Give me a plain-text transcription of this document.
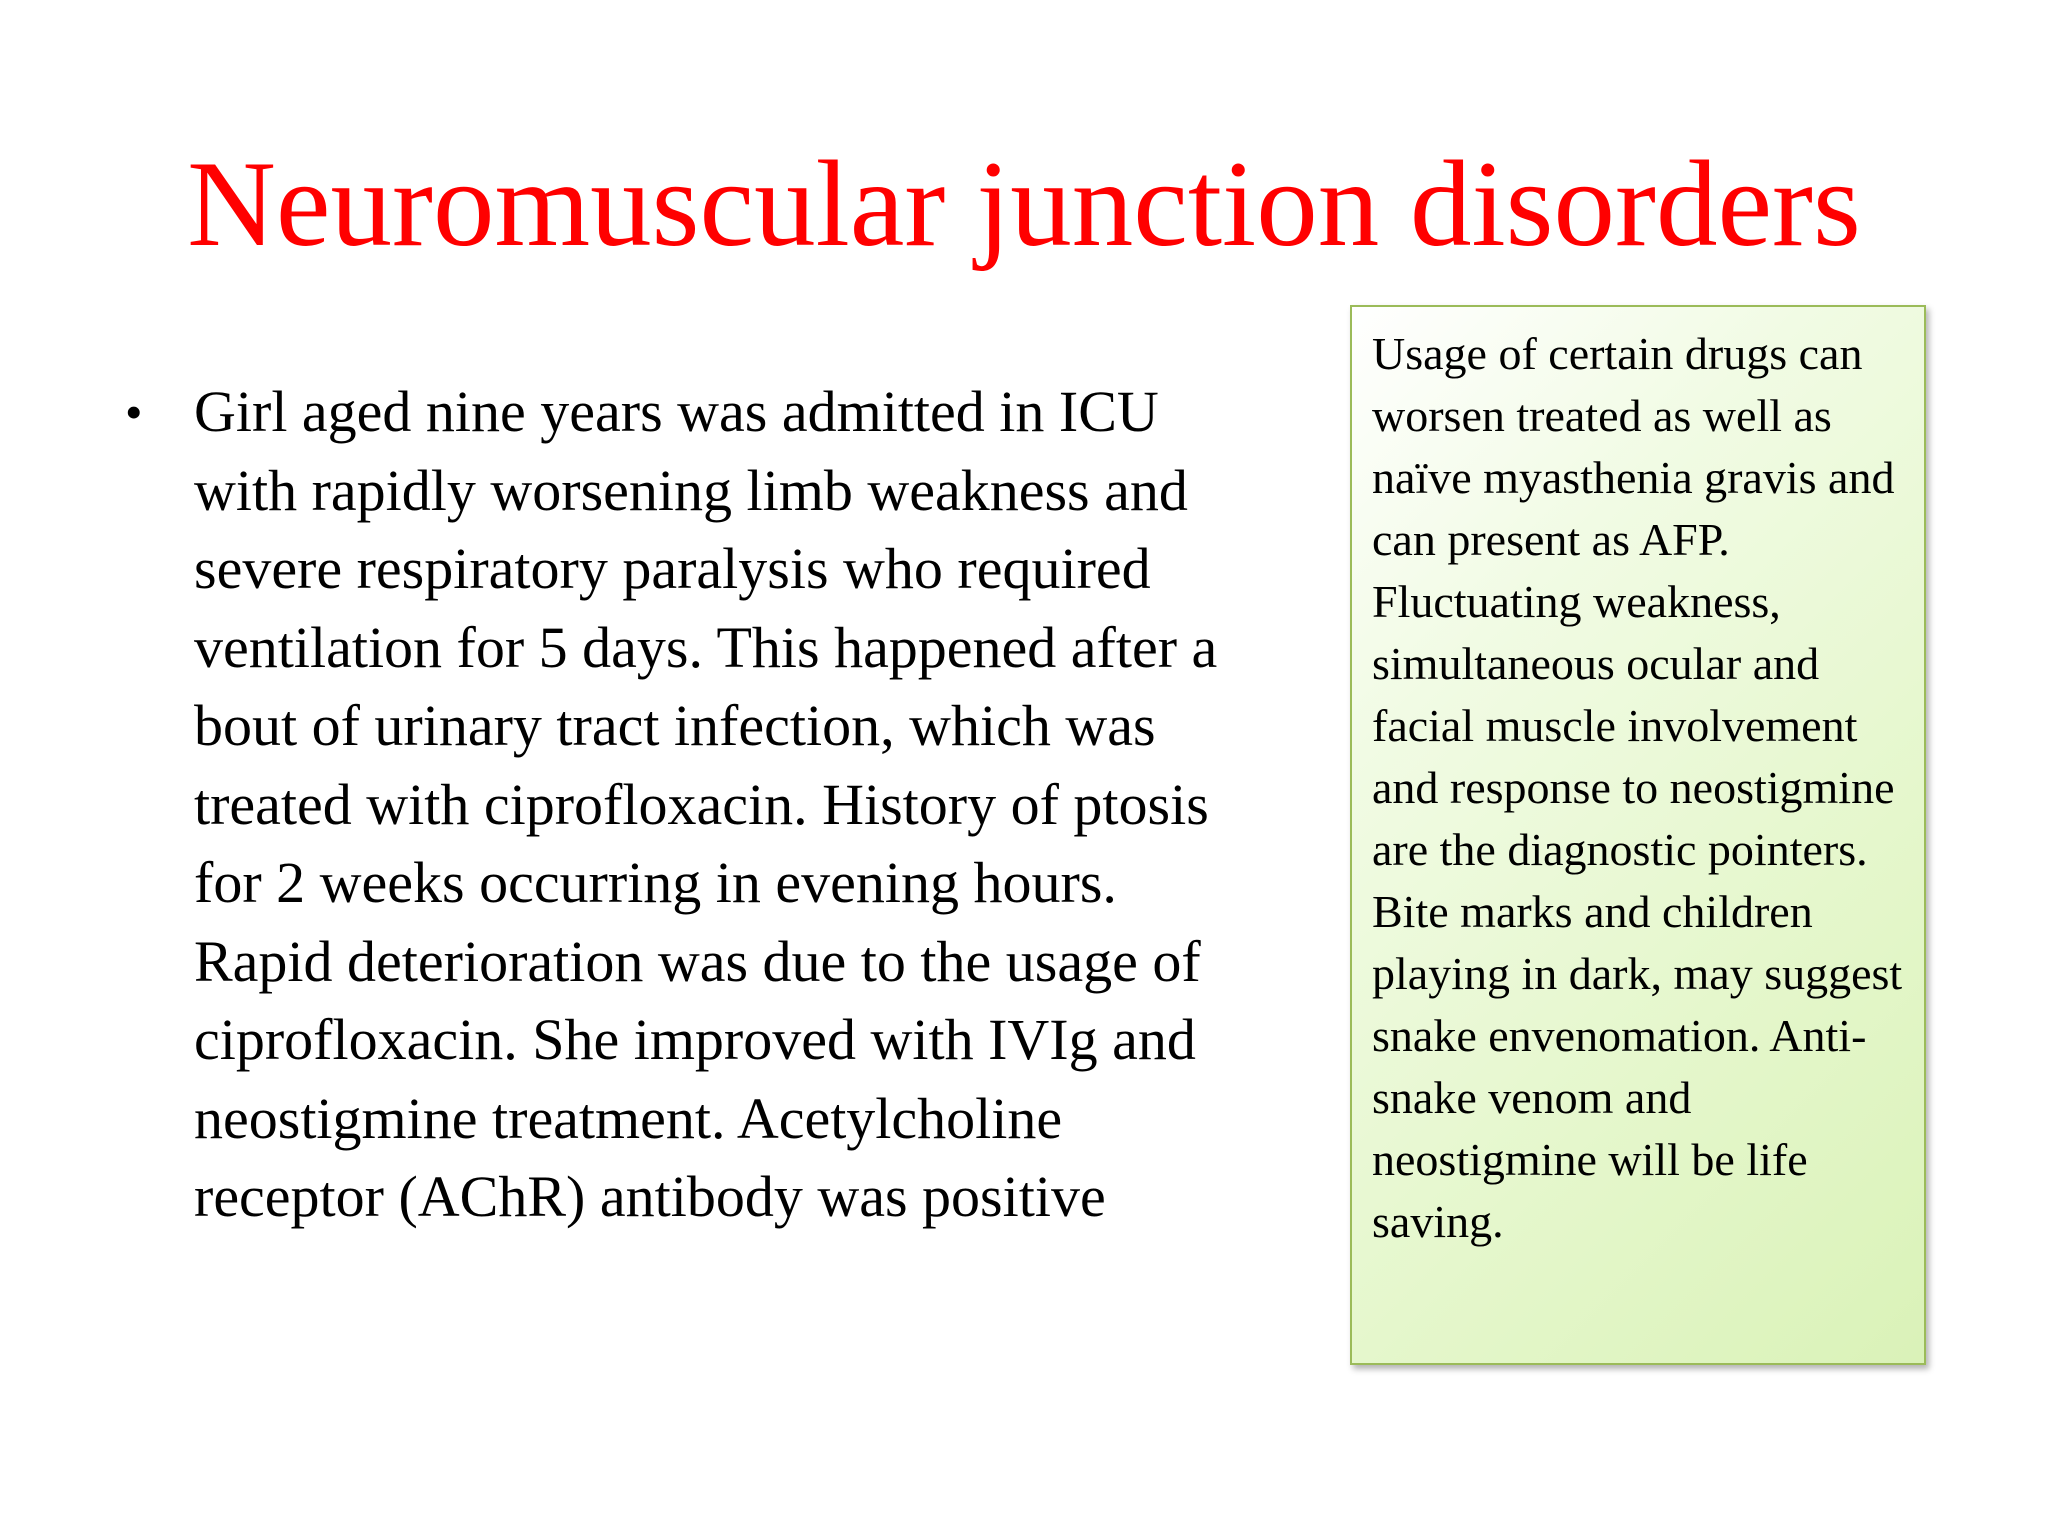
Neuromuscular junction disorders
• Girl aged nine years was admitted in ICU with rapidly worsening limb weakness and severe respiratory paralysis who required ventilation for 5 days. This happened after a bout of urinary tract infection, which was treated with ciprofloxacin. History of ptosis for 2 weeks occurring in evening hours. Rapid deterioration was due to the usage of ciprofloxacin. She improved with IVIg and neostigmine treatment. Acetylcholine receptor (AChR) antibody was positive
Usage of certain drugs can worsen treated as well as naïve myasthenia gravis and can present as AFP. Fluctuating weakness, simultaneous ocular and facial muscle involvement and response to neostigmine are the diagnostic pointers. Bite marks and children playing in dark, may suggest snake envenomation. Anti-snake venom and neostigmine will be life saving.
